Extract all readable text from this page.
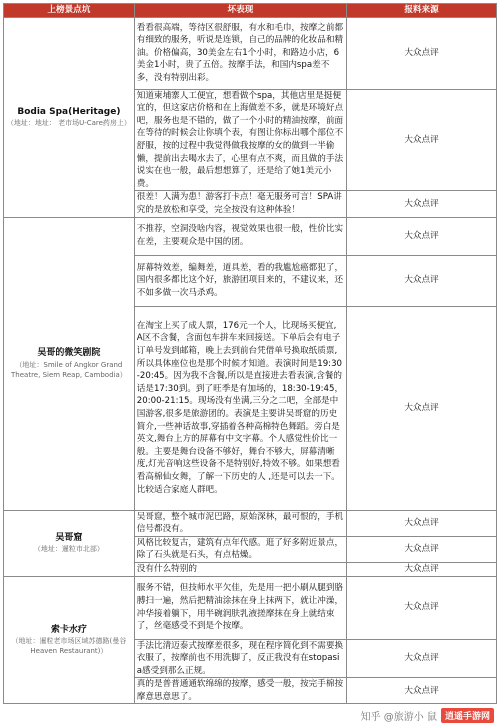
上榜景点坑	坏表现	报料来源

Bodia Spa(Heritage)
（地址：地址： 老市场U-Care药房上）	看看很高端，等待区很舒服，有水和毛巾，按摩之前都有细致的服务，听说是连锁，自己的品牌的化妆品和精油。价格偏高，30美金左右1个小时，和路边小店，6美金1小时，贵了五倍。按摩手法，和国内spa差不多，没有特别出彩。	大众点评
	知道柬埔寨人工便宜，想看做个spa，其他店里是挺便宜的，但这家店价格和在上海做差不多，就是环境好点吧，服务也是不错的，做了一个小时的精油按摩，前面在等待的时候会让你填个表，有图让你标出哪个部位不舒服，按的过程中我觉得做我按摩的女的做到一半偷懒，提前出去喝水去了，心里有点不爽，而且做的手法说实在也一般，最后想想算了，还是给了她1美元小费。	大众点评
	很差！人满为患！游客打卡点！毫无服务可言！SPA讲究的是放松和享受，完全按没有这种体验！	大众点评

吴哥的微笑剧院
（地址：Smile of Angkor Grand Theatre, Siem Reap, Cambodia）	不推荐，空洞没啥内容，视觉效果也很一般，性价比实在差，主要观众是中国的团。	大众点评
	屏幕特效差，编舞差，道具差，看的我尴尬癌都犯了，国内很多都比这个好，旅游团项目来的，不建议来，还不如多做一次马杀鸡。	大众点评
	在淘宝上买了成人票，176元一个人，比现场买便宜, A区不含餐，含面包车拼车来回接送。下单后会有电子订单号发到邮箱，晚上去到前台凭借单号换取纸质票, 所以具体座位也是那个时候才知道。表演时间是19:30-20:45。因为我不含餐,所以是直接进去看表演,含餐的话是17:30到。到了旺季是有加场的，18:30-19:45，20:00-21:15。现场没有坐满,三分之二吧，全部是中国游客,很多是旅游团的。表演是主要讲吴哥窟的历史简介,一些神话故事,穿插着各种高棉特色舞蹈。旁白是英文,舞台上方的屏幕有中文字幕。个人感觉性价比一般。主要是舞台设备不够好，舞台不够大，屏幕清晰度,灯光音响这些设备不是特别好,特效不够。如果想看看高棉仙女舞，了解一下历史的人 ,还是可以去一下。比较适合家庭人群吧。	大众点评

吴哥窟
（地址：暹粒市北部）	吴哥窟，整个城市泥巴路，原始深林，最可恨的，手机信号都没有。	大众点评
	风格比较复古，建筑有点年代感。逛了好多附近景点，除了石头就是石头，有点枯燥。	大众点评
	没有什么特别的	大众点评

索卡水疗
（地址：暹粒老市场区域苏德路(曼谷Heaven Restaurant)）	服务不错，但技师水平欠佳，先是用一把小刷从腿到胳膊扫一遍，然后把精油涂抹在身上抹两下，就让冲澡，冲华接着躺下，用半碗润肤乳液搓摩抹在身上就结束了，丝毫感受不到是个按摩。	大众点评
	手法比清迈泰式按摩差很多，现在程序简化到不需要换衣服了，按摩前也不用洗脚了，反正我没有在stopasia感受到那么正规。	大众点评
	真的是普普通通软绵绵的按摩，感受一般，按完手棉按摩意思意思了。	大众点评
知乎 @旅游小 鼠 逍遥手游网
